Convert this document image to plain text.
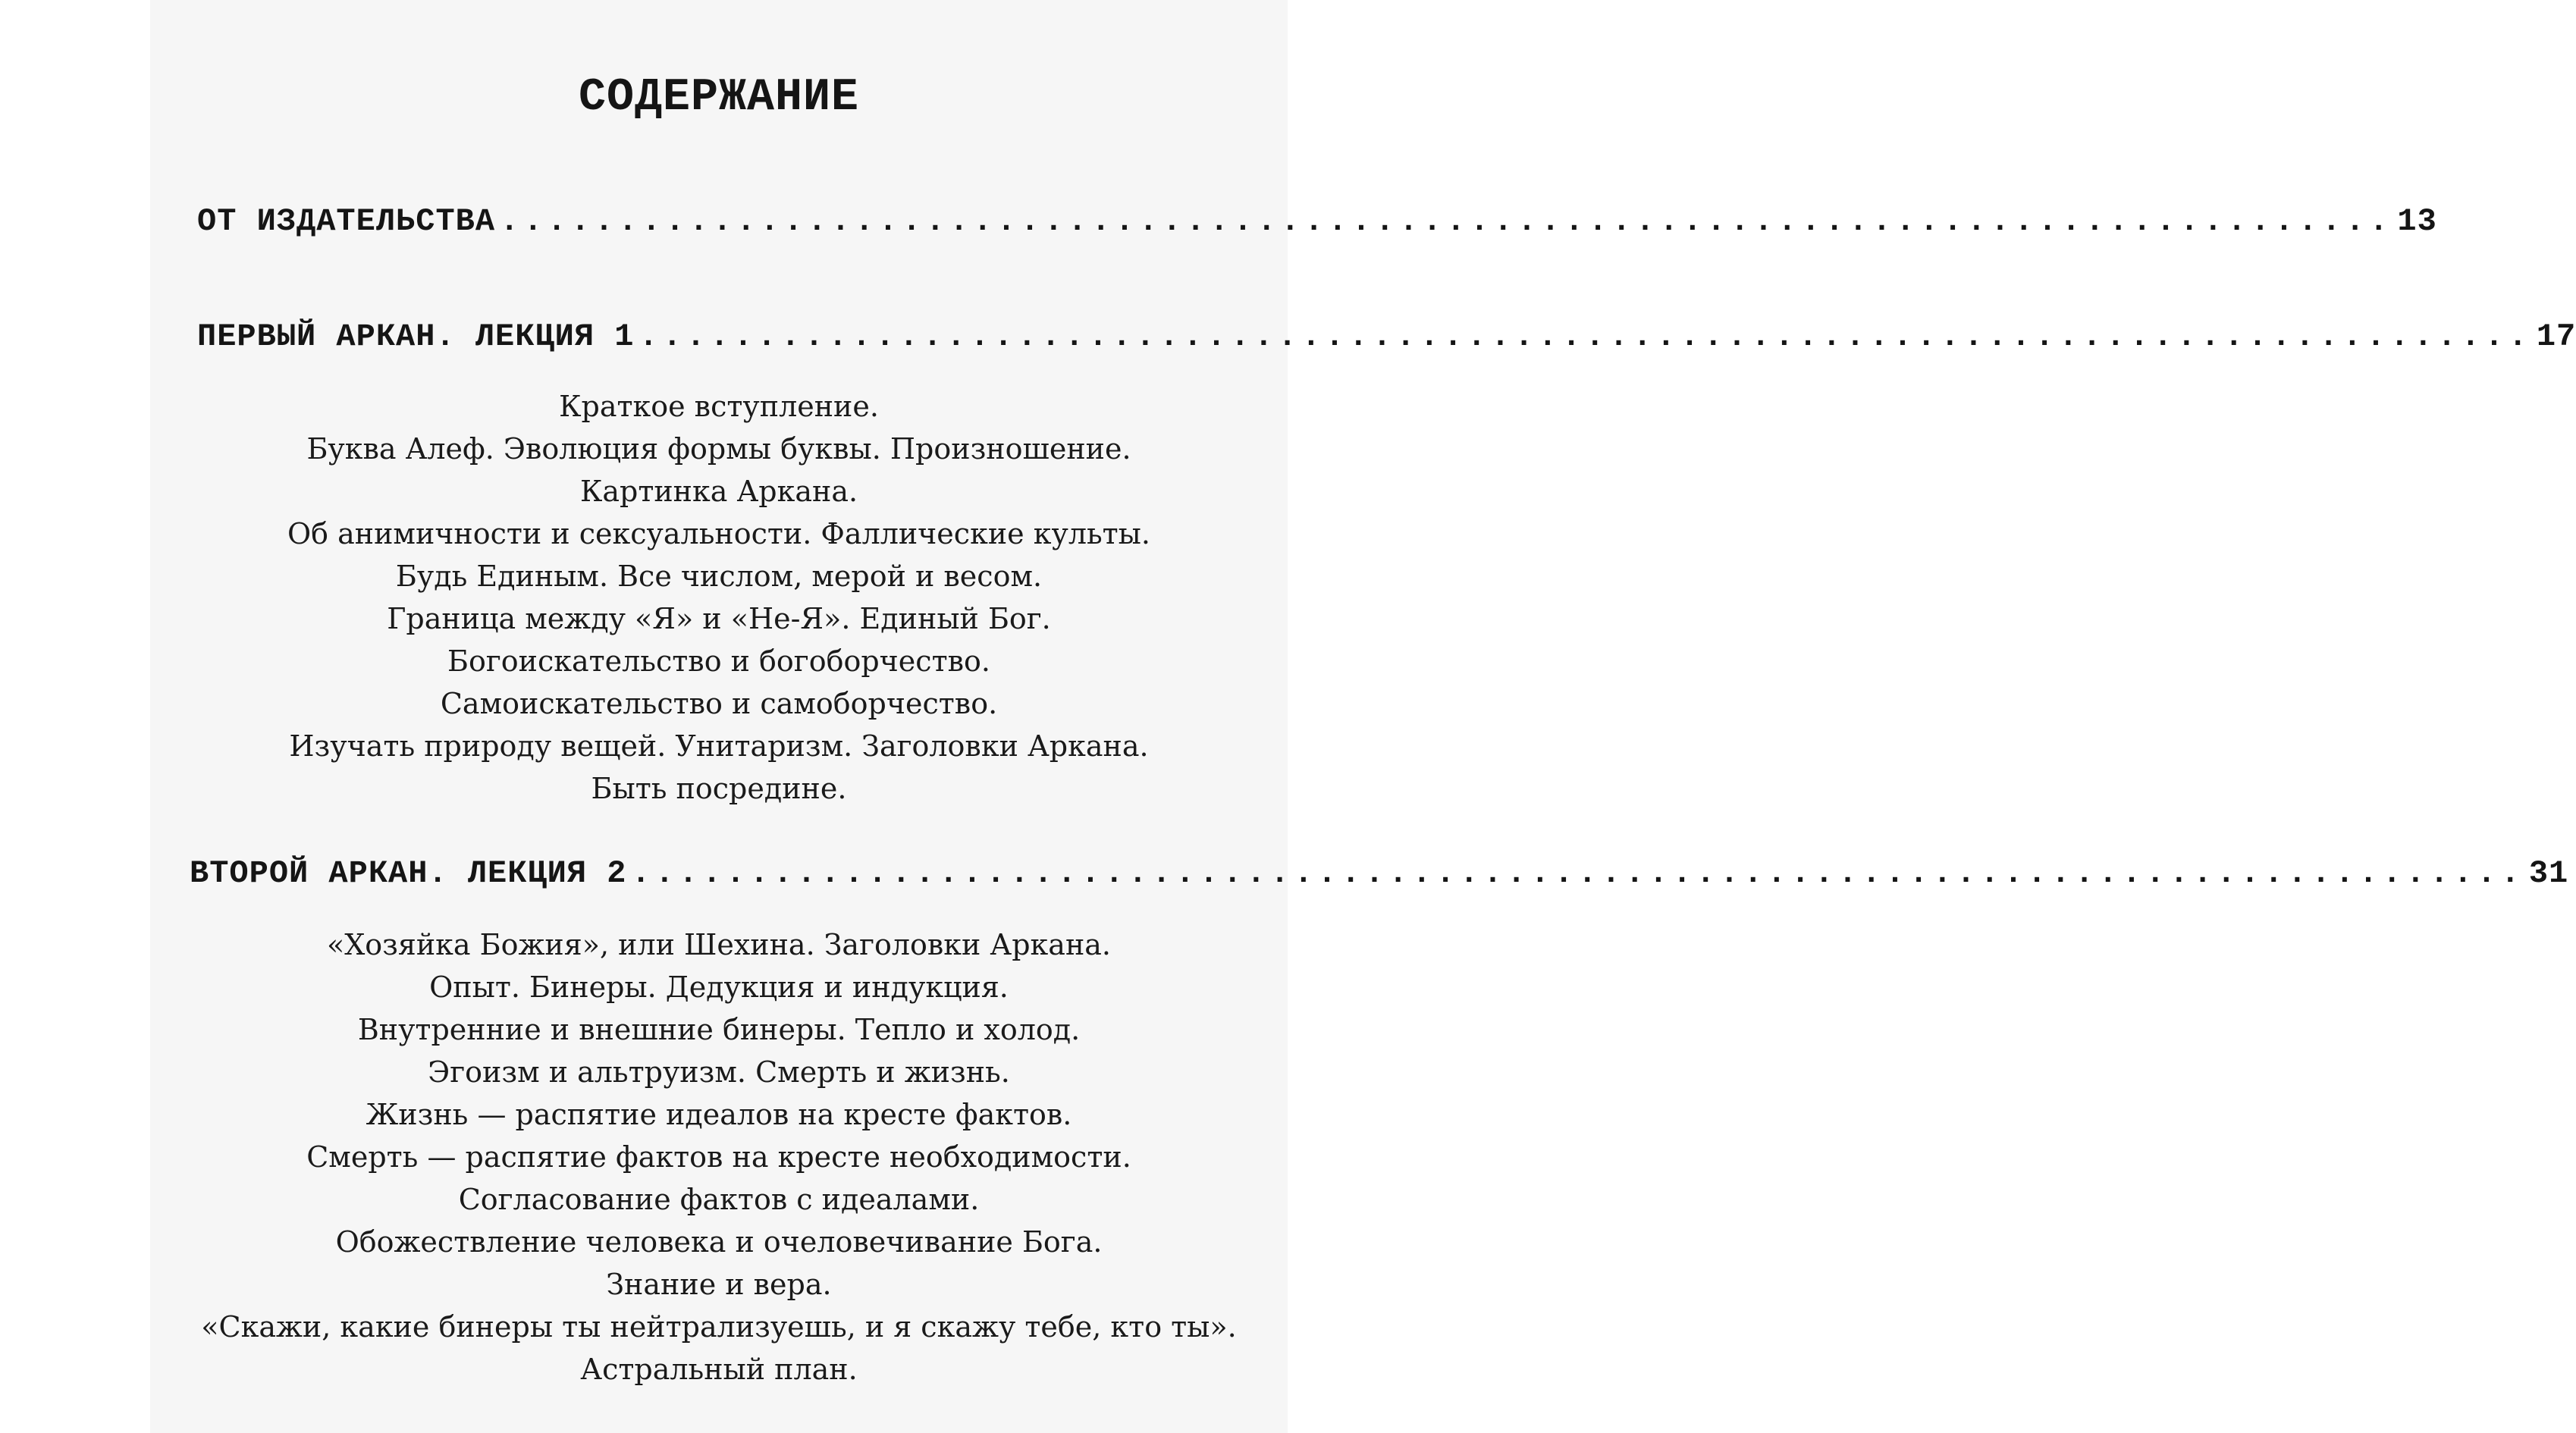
СОДЕРЖАНИЕ
ОТ ИЗДАТЕЛЬСТВА ................................................................................ 13
ПЕРВЫЙ АРКАН. ЛЕКЦИЯ 1 ................................................................................ 17
Краткое вступление.
Буква Алеф. Эволюция формы буквы. Произношение.
Картинка Аркана.
Об анимичности и сексуальности. Фаллические культы.
Будь Единым. Все числом, мерой и весом.
Граница между «Я» и «Не-Я». Единый Бог.
Богоискательство и богоборчество.
Самоискательство и самоборчество.
Изучать природу вещей. Унитаризм. Заголовки Аркана.
Быть посредине.
ВТОРОЙ АРКАН. ЛЕКЦИЯ 2 ................................................................................ 31
«Хозяйка Божия», или Шехина. Заголовки Аркана.
Опыт. Бинеры. Дедукция и индукция.
Внутренние и внешние бинеры. Тепло и холод.
Эгоизм и альтруизм. Смерть и жизнь.
Жизнь — распятие идеалов на кресте фактов.
Смерть — распятие фактов на кресте необходимости.
Согласование фактов с идеалами.
Обожествление человека и очеловечивание Бога.
Знание и вера.
«Скажи, какие бинеры ты нейтрализуешь, и я скажу тебе, кто ты».
Астральный план.
